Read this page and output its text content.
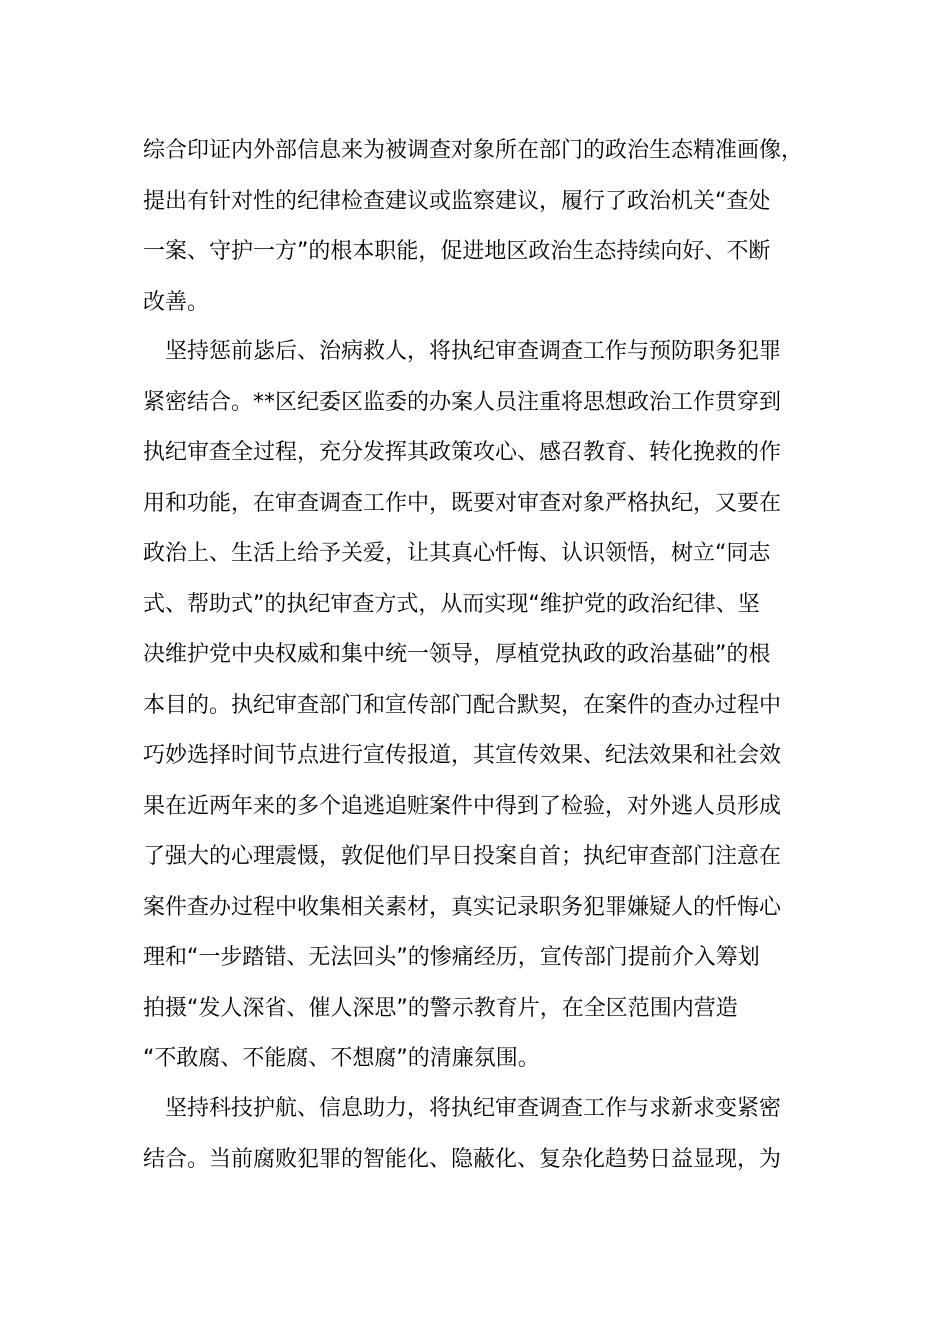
综合印证内外部信息来为被调查对象所在部门的政治生态精准画像，
提出有针对性的纪律检查建议或监察建议，履行了政治机关“查处
一案、守护一方”的根本职能，促进地区政治生态持续向好、不断
改善。
　坚持惩前毖后、治病救人，将执纪审查调查工作与预防职务犯罪
紧密结合。**区纪委区监委的办案人员注重将思想政治工作贯穿到
执纪审查全过程，充分发挥其政策攻心、感召教育、转化挽救的作
用和功能，在审查调查工作中，既要对审查对象严格执纪，又要在
政治上、生活上给予关爱，让其真心忏悔、认识领悟，树立“同志
式、帮助式”的执纪审查方式，从而实现“维护党的政治纪律、坚
决维护党中央权威和集中统一领导，厚植党执政的政治基础”的根
本目的。执纪审查部门和宣传部门配合默契，在案件的查办过程中
巧妙选择时间节点进行宣传报道，其宣传效果、纪法效果和社会效
果在近两年来的多个追逃追赃案件中得到了检验，对外逃人员形成
了强大的心理震慑，敦促他们早日投案自首；执纪审查部门注意在
案件查办过程中收集相关素材，真实记录职务犯罪嫌疑人的忏悔心
理和“一步踏错、无法回头”的惨痛经历，宣传部门提前介入筹划
拍摄“发人深省、催人深思”的警示教育片，在全区范围内营造
“不敢腐、不能腐、不想腐”的清廉氛围。
　坚持科技护航、信息助力，将执纪审查调查工作与求新求变紧密
结合。当前腐败犯罪的智能化、隐蔽化、复杂化趋势日益显现，为
